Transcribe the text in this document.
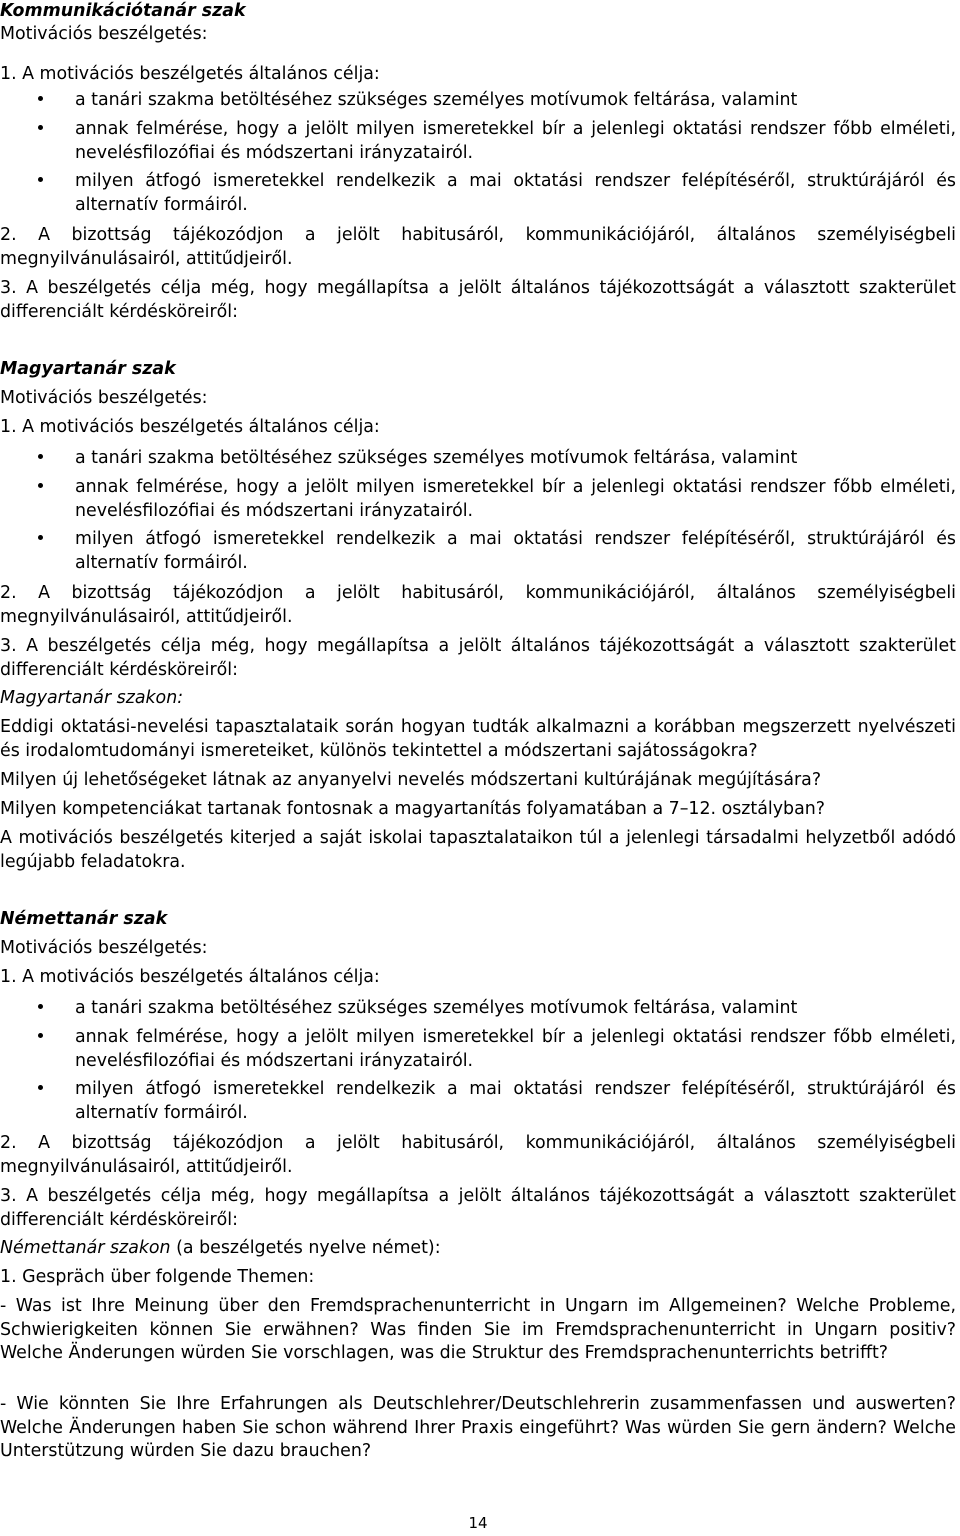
Kommunikációtanár szak
Motivációs beszélgetés:
1. A motivációs beszélgetés általános célja:
a tanári szakma betöltéséhez szükséges személyes motívumok feltárása, valamint
annak felmérése, hogy a jelölt milyen ismeretekkel bír a jelenlegi oktatási rendszer főbb elméleti, nevelésfilozófiai és módszertani irányzatairól.
milyen átfogó ismeretekkel rendelkezik a mai oktatási rendszer felépítéséről, struktúrájáról és alternatív formáiról.
2. A bizottság tájékozódjon a jelölt habitusáról, kommunikációjáról, általános személyiségbeli megnyilvánulásairól, attitűdjeiről.
3. A beszélgetés célja még, hogy megállapítsa a jelölt általános tájékozottságát a választott szakterület differenciált kérdésköreiről:
Magyartanár szak
Motivációs beszélgetés:
1. A motivációs beszélgetés általános célja:
a tanári szakma betöltéséhez szükséges személyes motívumok feltárása, valamint
annak felmérése, hogy a jelölt milyen ismeretekkel bír a jelenlegi oktatási rendszer főbb elméleti, nevelésfilozófiai és módszertani irányzatairól.
milyen átfogó ismeretekkel rendelkezik a mai oktatási rendszer felépítéséről, struktúrájáról és alternatív formáiról.
2. A bizottság tájékozódjon a jelölt habitusáról, kommunikációjáról, általános személyiségbeli megnyilvánulásairól, attitűdjeiről.
3. A beszélgetés célja még, hogy megállapítsa a jelölt általános tájékozottságát a választott szakterület differenciált kérdésköreiről:
Magyartanár szakon:
Eddigi oktatási-nevelési tapasztalataik során hogyan tudták alkalmazni a korábban megszerzett nyelvészeti és irodalomtudományi ismereteiket, különös tekintettel a módszertani sajátosságokra?
Milyen új lehetőségeket látnak az anyanyelvi nevelés módszertani kultúrájának megújítására?
Milyen kompetenciákat tartanak fontosnak a magyartanítás folyamatában a 7–12. osztályban?
A motivációs beszélgetés kiterjed a saját iskolai tapasztalataikon túl a jelenlegi társadalmi helyzetből adódó legújabb feladatokra.
Némettanár szak
Motivációs beszélgetés:
1. A motivációs beszélgetés általános célja:
a tanári szakma betöltéséhez szükséges személyes motívumok feltárása, valamint
annak felmérése, hogy a jelölt milyen ismeretekkel bír a jelenlegi oktatási rendszer főbb elméleti, nevelésfilozófiai és módszertani irányzatairól.
milyen átfogó ismeretekkel rendelkezik a mai oktatási rendszer felépítéséről, struktúrájáról és alternatív formáiról.
2. A bizottság tájékozódjon a jelölt habitusáról, kommunikációjáról, általános személyiségbeli megnyilvánulásairól, attitűdjeiről.
3. A beszélgetés célja még, hogy megállapítsa a jelölt általános tájékozottságát a választott szakterület differenciált kérdésköreiről:
Némettanár szakon (a beszélgetés nyelve német):
1. Gespräch über folgende Themen:
- Was ist Ihre Meinung über den Fremdsprachenunterricht in Ungarn im Allgemeinen? Welche Probleme, Schwierigkeiten können Sie erwähnen? Was finden Sie im Fremdsprachenunterricht in Ungarn positiv? Welche Änderungen würden Sie vorschlagen, was die Struktur des Fremdsprachenunterrichts betrifft?
- Wie könnten Sie Ihre Erfahrungen als Deutschlehrer/Deutschlehrerin zusammenfassen und auswerten? Welche Änderungen haben Sie schon während Ihrer Praxis eingeführt? Was würden Sie gern ändern? Welche Unterstützung würden Sie dazu brauchen?
14
